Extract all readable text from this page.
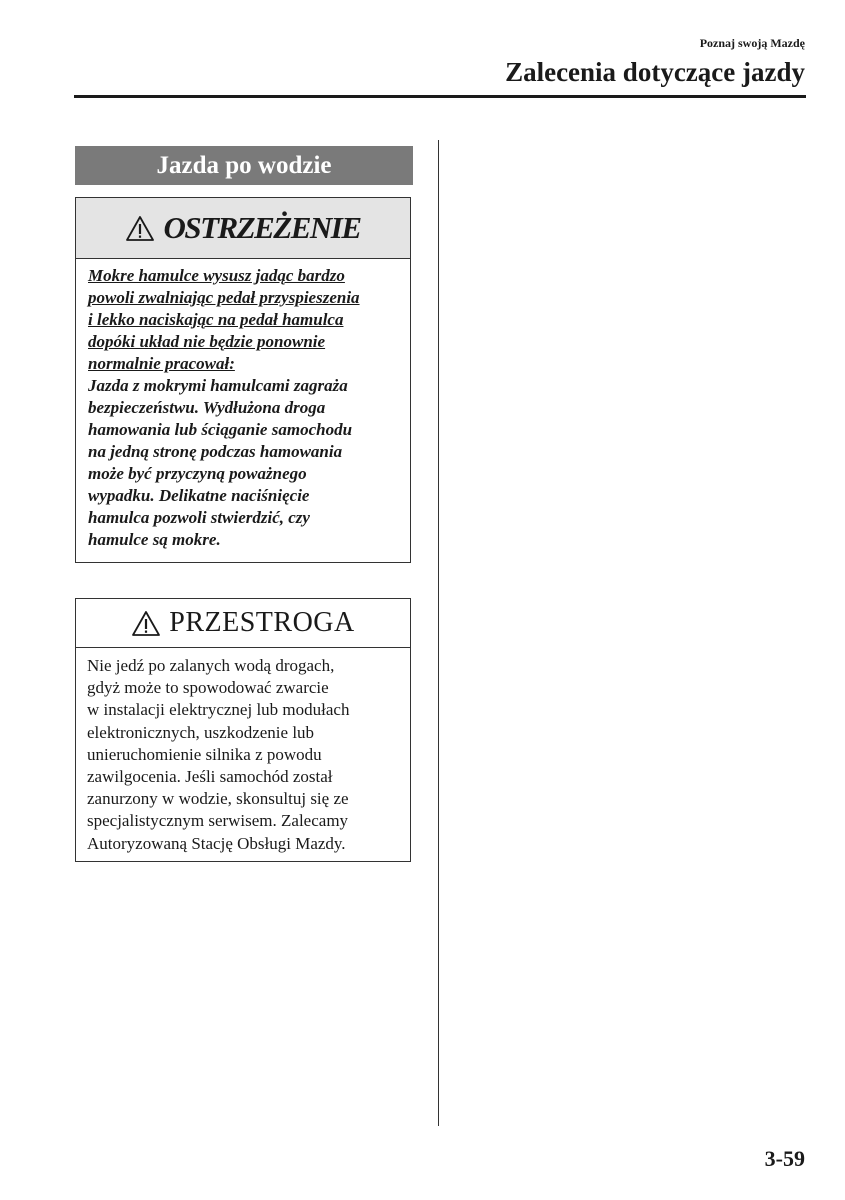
Poznaj swoją Mazdę
Zalecenia dotyczące jazdy
Jazda po wodzie
OSTRZEŻENIE
Mokre hamulce wysusz jadąc bardzo
powoli zwalniając pedał przyspieszenia
i lekko naciskając na pedał hamulca
dopóki układ nie będzie ponownie
normalnie pracował:
Jazda z mokrymi hamulcami zagraża
bezpieczeństwu. Wydłużona droga
hamowania lub ściąganie samochodu
na jedną stronę podczas hamowania
może być przyczyną poważnego
wypadku. Delikatne naciśnięcie
hamulca pozwoli stwierdzić, czy
hamulce są mokre.
PRZESTROGA
Nie jedź po zalanych wodą drogach,
gdyż może to spowodować zwarcie
w instalacji elektrycznej lub modułach
elektronicznych, uszkodzenie lub
unieruchomienie silnika z powodu
zawilgocenia. Jeśli samochód został
zanurzony w wodzie, skonsultuj się ze
specjalistycznym serwisem. Zalecamy
Autoryzowaną Stację Obsługi Mazdy.
3-59
